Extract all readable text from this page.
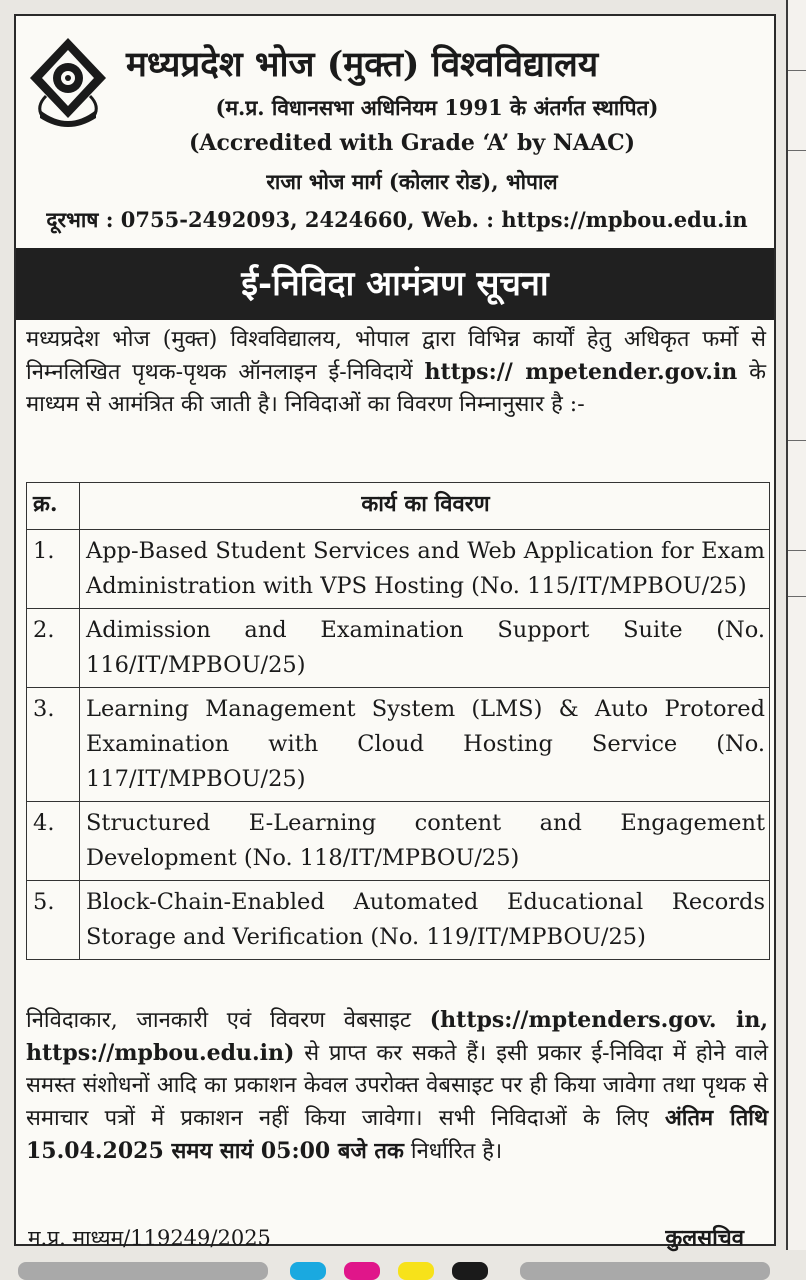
मध्यप्रदेश भोज (मुक्त) विश्वविद्यालय
(म.प्र. विधानसभा अधिनियम 1991 के अंतर्गत स्थापित)
(Accredited with Grade ‘A’ by NAAC)
राजा भोज मार्ग (कोलार रोड), भोपाल
दूरभाष : 0755-2492093, 2424660, Web. : https://mpbou.edu.in
ई-निविदा आमंत्रण सूचना
मध्यप्रदेश भोज (मुक्त) विश्वविद्यालय, भोपाल द्वारा विभिन्न कार्यों हेतु अधिकृत फर्मो से निम्नलिखित पृथक-पृथक ऑनलाइन ई-निविदायें https:// mpetender.gov.in के माध्यम से आमंत्रित की जाती है। निविदाओं का विवरण निम्नानुसार है :-
क्र.	कार्य का विवरण
1.	App-Based Student Services and Web Application for Exam Administration with VPS Hosting (No. 115/IT/MPBOU/25)
2.	Adimission and Examination Support Suite (No. 116/IT/MPBOU/25)
3.	Learning Management System (LMS) & Auto Protored Examination with Cloud Hosting Service (No. 117/IT/MPBOU/25)
4.	Structured E-Learning content and Engagement Development (No. 118/IT/MPBOU/25)
5.	Block-Chain-Enabled Automated Educational Records Storage and Verification (No. 119/IT/MPBOU/25)
निविदाकार, जानकारी एवं विवरण वेबसाइट (https://mptenders.gov. in, https://mpbou.edu.in) से प्राप्त कर सकते हैं। इसी प्रकार ई-निविदा में होने वाले समस्त संशोधनों आदि का प्रकाशन केवल उपरोक्त वेबसाइट पर ही किया जावेगा तथा पृथक से समाचार पत्रों में प्रकाशन नहीं किया जावेगा। सभी निविदाओं के लिए अंतिम तिथि 15.04.2025 समय सायं 05:00 बजे तक निर्धारित है।
म.प्र. माध्यम/119249/2025	कुलसचिव
